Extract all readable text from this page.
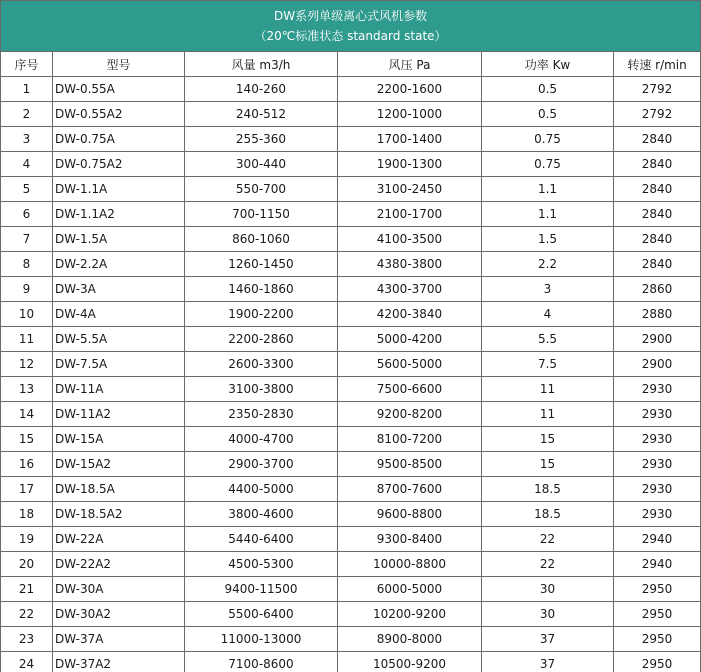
DW系列单级离心式风机参数
（20℃标准状态 standard state）					

序号	型号	风量 m3/h	风压 Pa	功率 Kw	转速 r/min
1	DW-0.55A	140-260	2200-1600	0.5	2792
2	DW-0.55A2	240-512	1200-1000	0.5	2792
3	DW-0.75A	255-360	1700-1400	0.75	2840
4	DW-0.75A2	300-440	1900-1300	0.75	2840
5	DW-1.1A	550-700	3100-2450	1.1	2840
6	DW-1.1A2	700-1150	2100-1700	1.1	2840
7	DW-1.5A	860-1060	4100-3500	1.5	2840
8	DW-2.2A	1260-1450	4380-3800	2.2	2840
9	DW-3A	1460-1860	4300-3700	3	2860
10	DW-4A	1900-2200	4200-3840	4	2880
11	DW-5.5A	2200-2860	5000-4200	5.5	2900
12	DW-7.5A	2600-3300	5600-5000	7.5	2900
13	DW-11A	3100-3800	7500-6600	11	2930
14	DW-11A2	2350-2830	9200-8200	11	2930
15	DW-15A	4000-4700	8100-7200	15	2930
16	DW-15A2	2900-3700	9500-8500	15	2930
17	DW-18.5A	4400-5000	8700-7600	18.5	2930
18	DW-18.5A2	3800-4600	9600-8800	18.5	2930
19	DW-22A	5440-6400	9300-8400	22	2940
20	DW-22A2	4500-5300	10000-8800	22	2940
21	DW-30A	9400-11500	6000-5000	30	2950
22	DW-30A2	5500-6400	10200-9200	30	2950
23	DW-37A	11000-13000	8900-8000	37	2950
24	DW-37A2	7100-8600	10500-9200	37	2950
